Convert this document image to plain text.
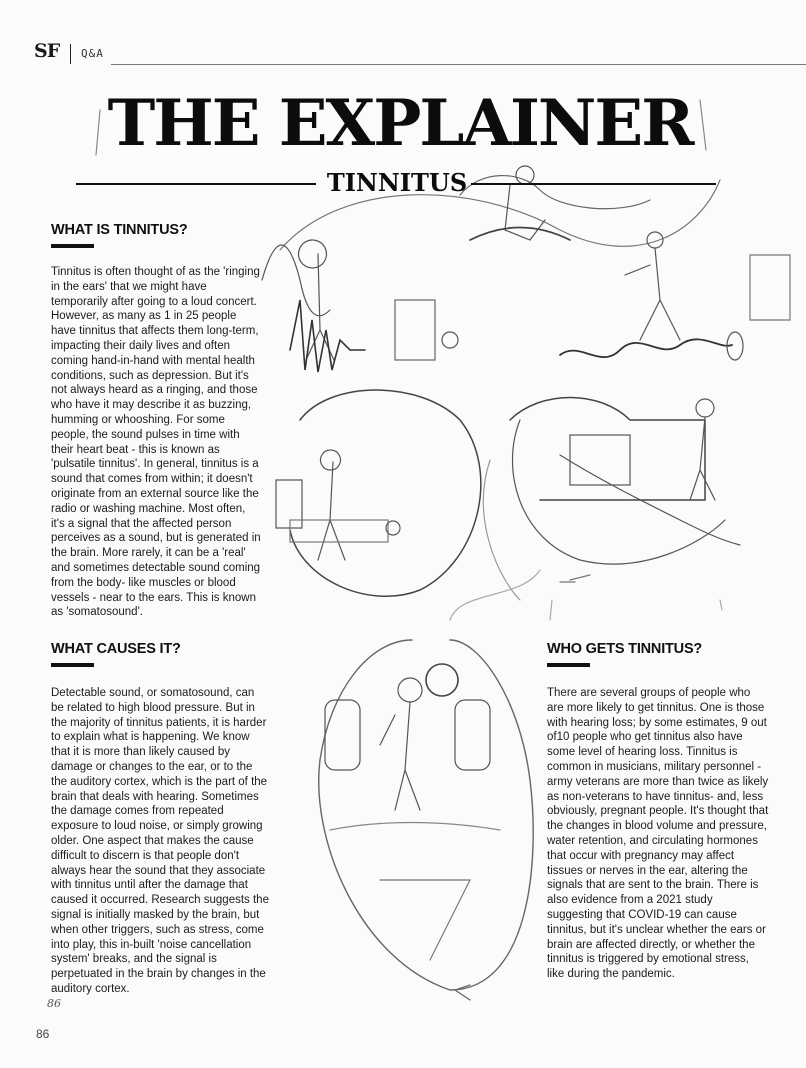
SF Q&A
THE EXPLAINER
TINNITUS
WHAT IS TINNITUS?
Tinnitus is often thought of as the 'ringing in the ears' that we might have temporarily after going to a loud concert. However, as many as 1 in 25 people have tinnitus that affects them long-term, impacting their daily lives and often coming hand-in-hand with mental health conditions, such as depression. But it's not always heard as a ringing, and those who have it may describe it as buzzing, humming or whooshing. For some people, the sound pulses in time with their heart beat - this is known as 'pulsatile tinnitus'. In general, tinnitus is a sound that comes from within; it doesn't originate from an external source like the radio or washing machine. Most often, it's a signal that the affected person perceives as a sound, but is generated in the brain. More rarely, it can be a 'real' and sometimes detectable sound coming from the body- like muscles or blood vessels - near to the ears. This is known as 'somatosound'.
WHAT CAUSES IT?
Detectable sound, or somatosound, can be related to high blood pressure. But in the majority of tinnitus patients, it is harder to explain what is happening. We know that it is more than likely caused by damage or changes to the ear, or to the the auditory cortex, which is the part of the brain that deals with hearing. Sometimes the damage comes from repeated exposure to loud noise, or simply growing older. One aspect that makes the cause difficult to discern is that people don't always hear the sound that they associate with tinnitus until after the damage that caused it occurred. Research suggests the signal is initially masked by the brain, but when other triggers, such as stress, come into play, this in-built 'noise cancellation system' breaks, and the signal is perpetuated in the brain by changes in the auditory cortex.
WHO GETS TINNITUS?
There are several groups of people who are more likely to get tinnitus. One is those with hearing loss; by some estimates, 9 out of10 people who get tinnitus also have some level of hearing loss. Tinnitus is common in musicians, military personnel - army veterans are more than twice as likely as non-veterans to have tinnitus- and, less obviously, pregnant people. It's thought that the changes in blood volume and pressure, water retention, and circulating hormones that occur with pregnancy may affect tissues or nerves in the ear, altering the signals that are sent to the brain. There is also evidence from a 2021 study suggesting that COVID-19 can cause tinnitus, but it's unclear whether the ears or brain are affected directly, or whether the tinnitus is triggered by emotional stress, like during the pandemic.
86
86
